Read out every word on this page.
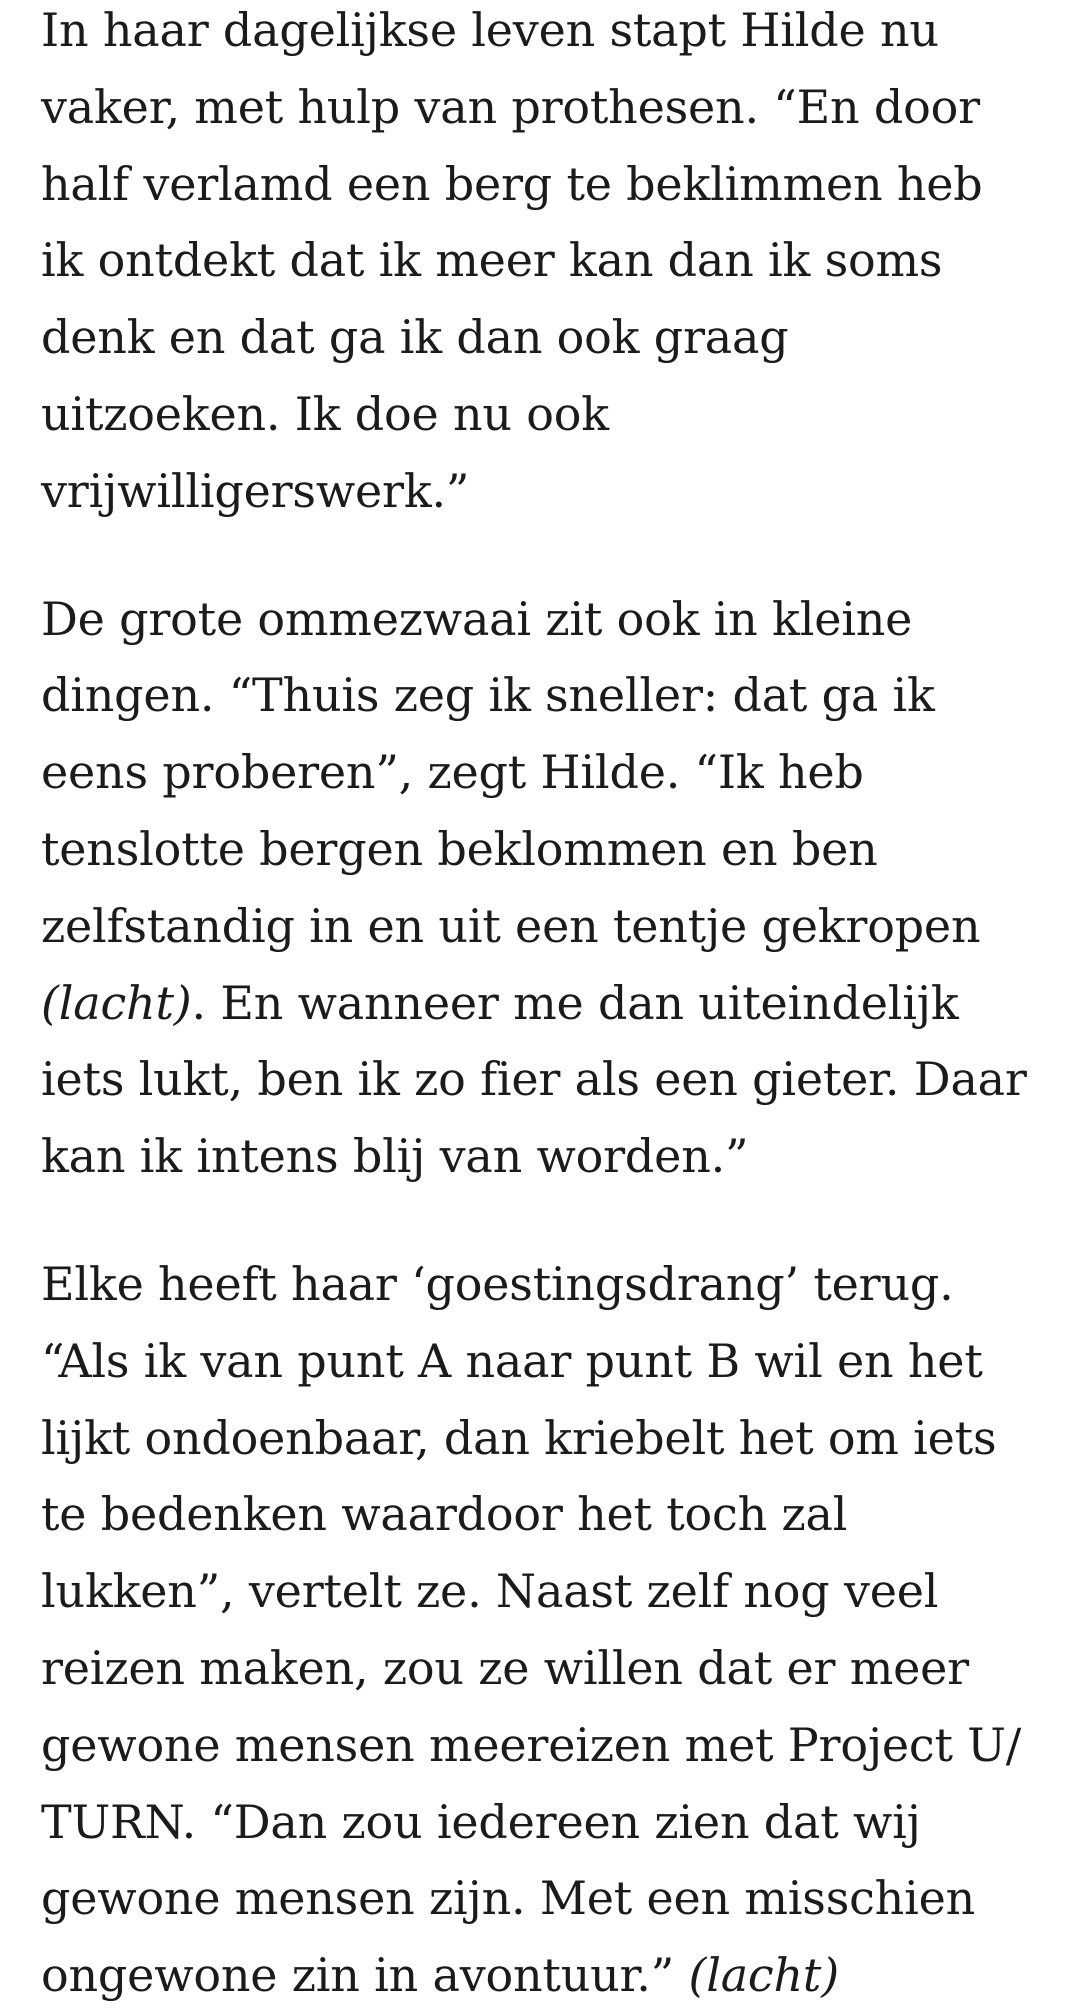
In haar dagelijkse leven stapt Hilde nu
vaker, met hulp van prothesen. “En door
half verlamd een berg te beklimmen heb
ik ontdekt dat ik meer kan dan ik soms
denk en dat ga ik dan ook graag
uitzoeken. Ik doe nu ook
vrijwilligerswerk.”

De grote ommezwaai zit ook in kleine
dingen. “Thuis zeg ik sneller: dat ga ik
eens proberen”, zegt Hilde. “Ik heb
tenslotte bergen beklommen en ben
zelfstandig in en uit een tentje gekropen
(lacht). En wanneer me dan uiteindelijk
iets lukt, ben ik zo fier als een gieter. Daar
kan ik intens blij van worden.”

Elke heeft haar ‘goestingsdrang’ terug.
“Als ik van punt A naar punt B wil en het
lijkt ondoenbaar, dan kriebelt het om iets
te bedenken waardoor het toch zal
lukken”, vertelt ze. Naast zelf nog veel
reizen maken, zou ze willen dat er meer
gewone mensen meereizen met Project U/
TURN. “Dan zou iedereen zien dat wij
gewone mensen zijn. Met een misschien
ongewone zin in avontuur.” (lacht)
